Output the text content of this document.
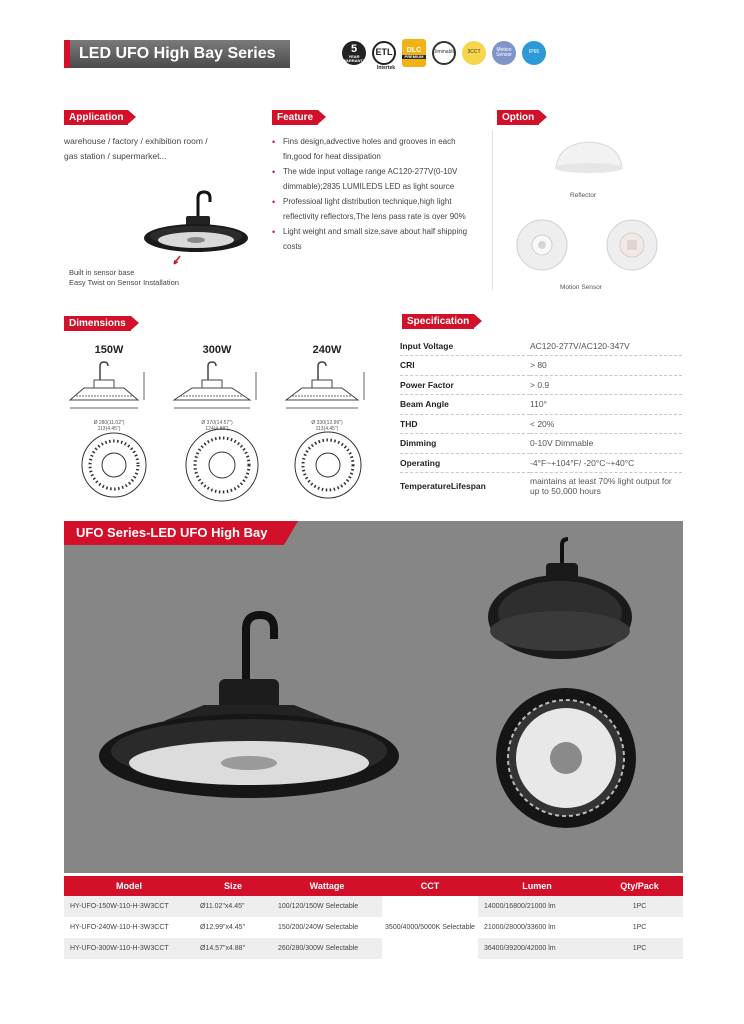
LED UFO High Bay Series	5
YEAR WARRANTY
ETL
Intertek
DLC
PREMIUM
Dimmable 3CCT	Motion Sensor	IP65
Application
warehouse / factory / exhibition room /
gas station / supermarket...
Built in sensor base
Easy Twist on Sensor Installation
Feature
• Fins design,advective holes and grooves in each fin,good for heat dissipation
• The wide input voltage range AC120-277V(0-10V dimmable);2835 LUMILEDS LED as light source
• Professioal light distribution technique,high light reflectivity reflectors,The lens pass rate is over 90%
• Light weight and small size,save about half shipping costs
Option
Reflector
Motion Sensor
Dimensions
150W
Ø 280(11.02")
113(4.45")
300W
Ø 370(14.57")
124(4.88")
240W
Ø 330(12.99")
113(4.45")
Specification
Input Voltage	AC120-277V/AC120-347V
CRI	> 80
Power Factor	> 0.9
Beam Angle	110°
THD	< 20%
Dimming	0-10V Dimmable
Operating	-4°F~+104°F/ -20°C~+40°C
TemperatureLifespan	maintains at least 70% light output for up to 50,000 hours
UFO Series-LED UFO High Bay
Model	Size	Wattage	CCT	Lumen	Qty/Pack
HY-UFO-150W-110-H-3W3CCT	Ø11.02"x4.45"	100/120/150W Selectable	3500/4000/5000K Selectable	14000/16800/21000 lm	1PC
HY-UFO-240W-110-H-3W3CCT	Ø12.99"x4.45"	150/200/240W Selectable		21000/28000/33600 lm	1PC
HY-UFO-300W-110-H-3W3CCT	Ø14.57"x4.88"	260/280/300W Selectable		36400/39200/42000 lm	1PC
